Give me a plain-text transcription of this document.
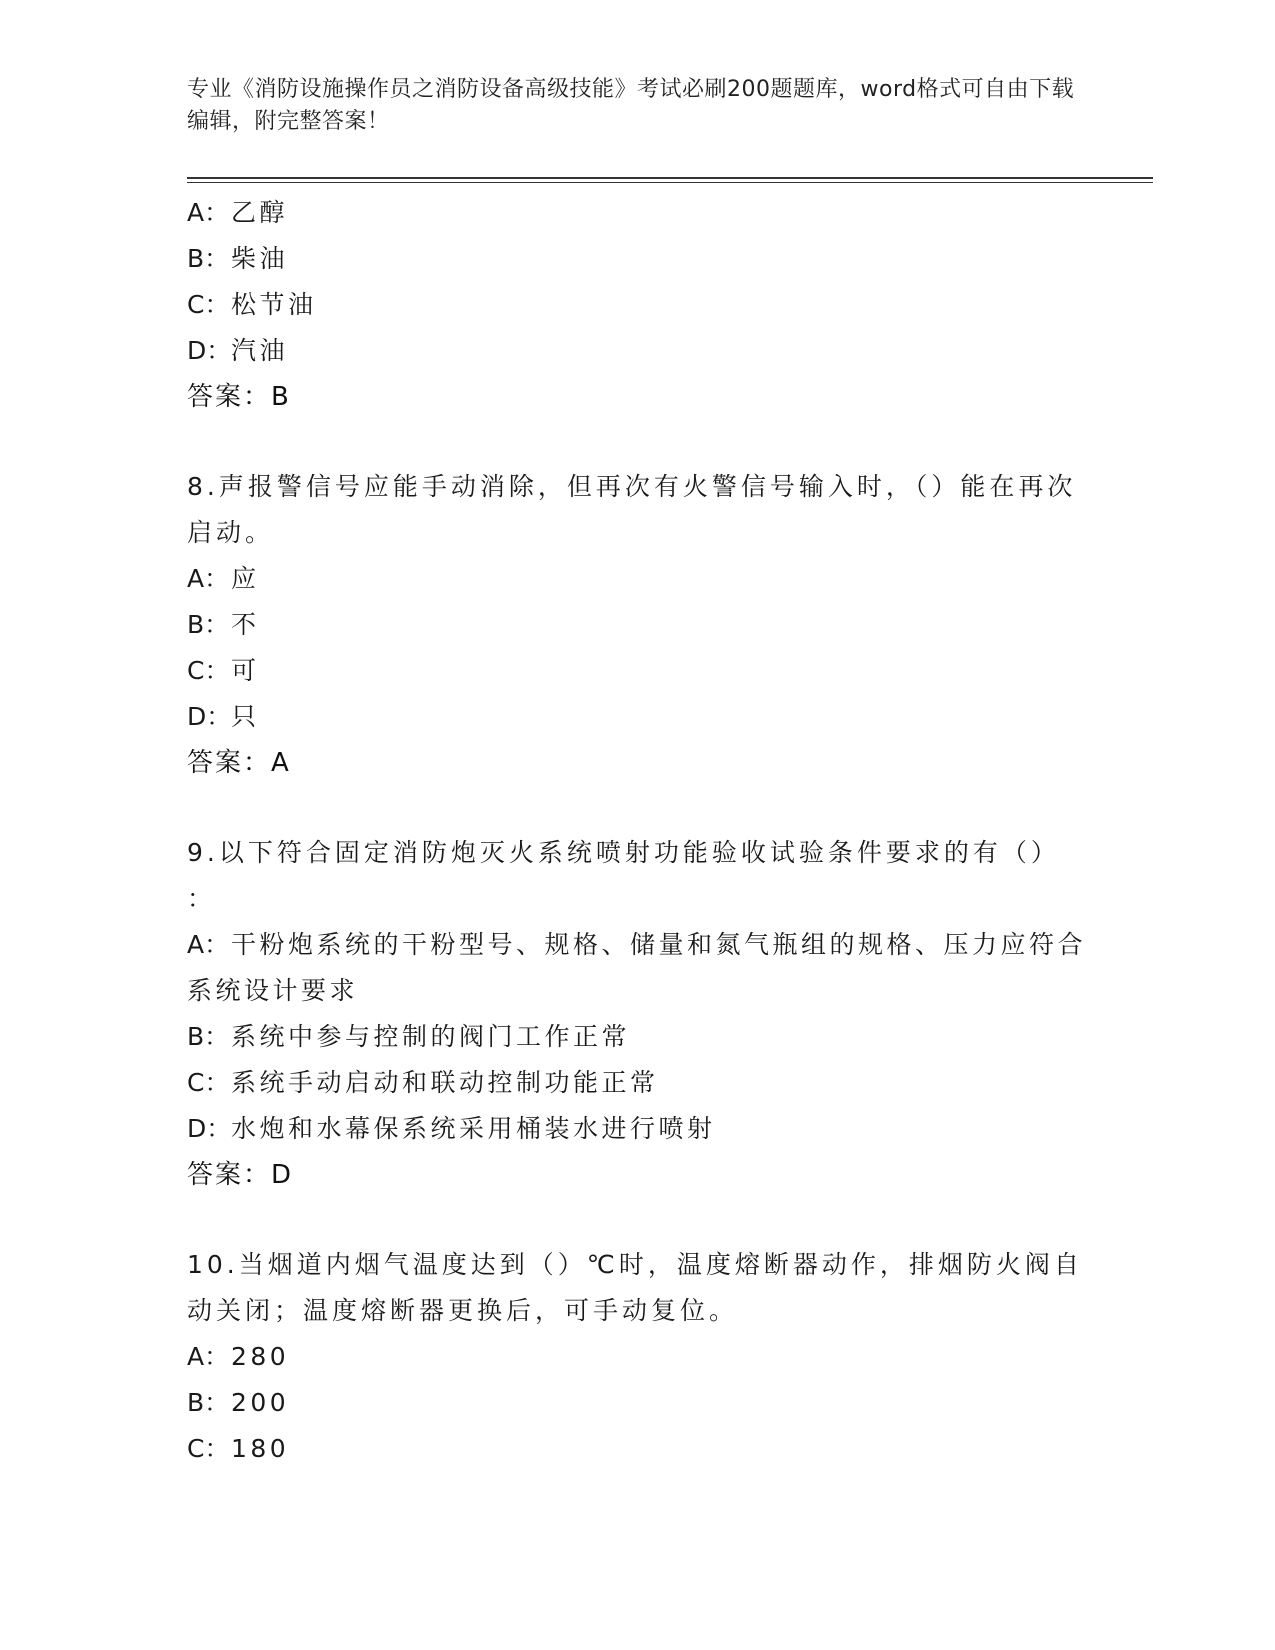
专业《消防设施操作员之消防设备高级技能》考试必刷200题题库，word格式可自由下载编辑，附完整答案！
A：乙醇
B：柴油
C：松节油
D：汽油
答案：B
8.声报警信号应能手动消除，但再次有火警信号输入时，（）能在再次启动。
A：应
B：不
C：可
D：只
答案：A
9.以下符合固定消防炮灭火系统喷射功能验收试验条件要求的有（）
：
A：干粉炮系统的干粉型号、规格、储量和氮气瓶组的规格、压力应符合系统设计要求
B：系统中参与控制的阀门工作正常
C：系统手动启动和联动控制功能正常
D：水炮和水幕保系统采用桶装水进行喷射
答案：D
10.当烟道内烟气温度达到（）℃时，温度熔断器动作，排烟防火阀自动关闭；温度熔断器更换后，可手动复位。
A：280
B：200
C：180
